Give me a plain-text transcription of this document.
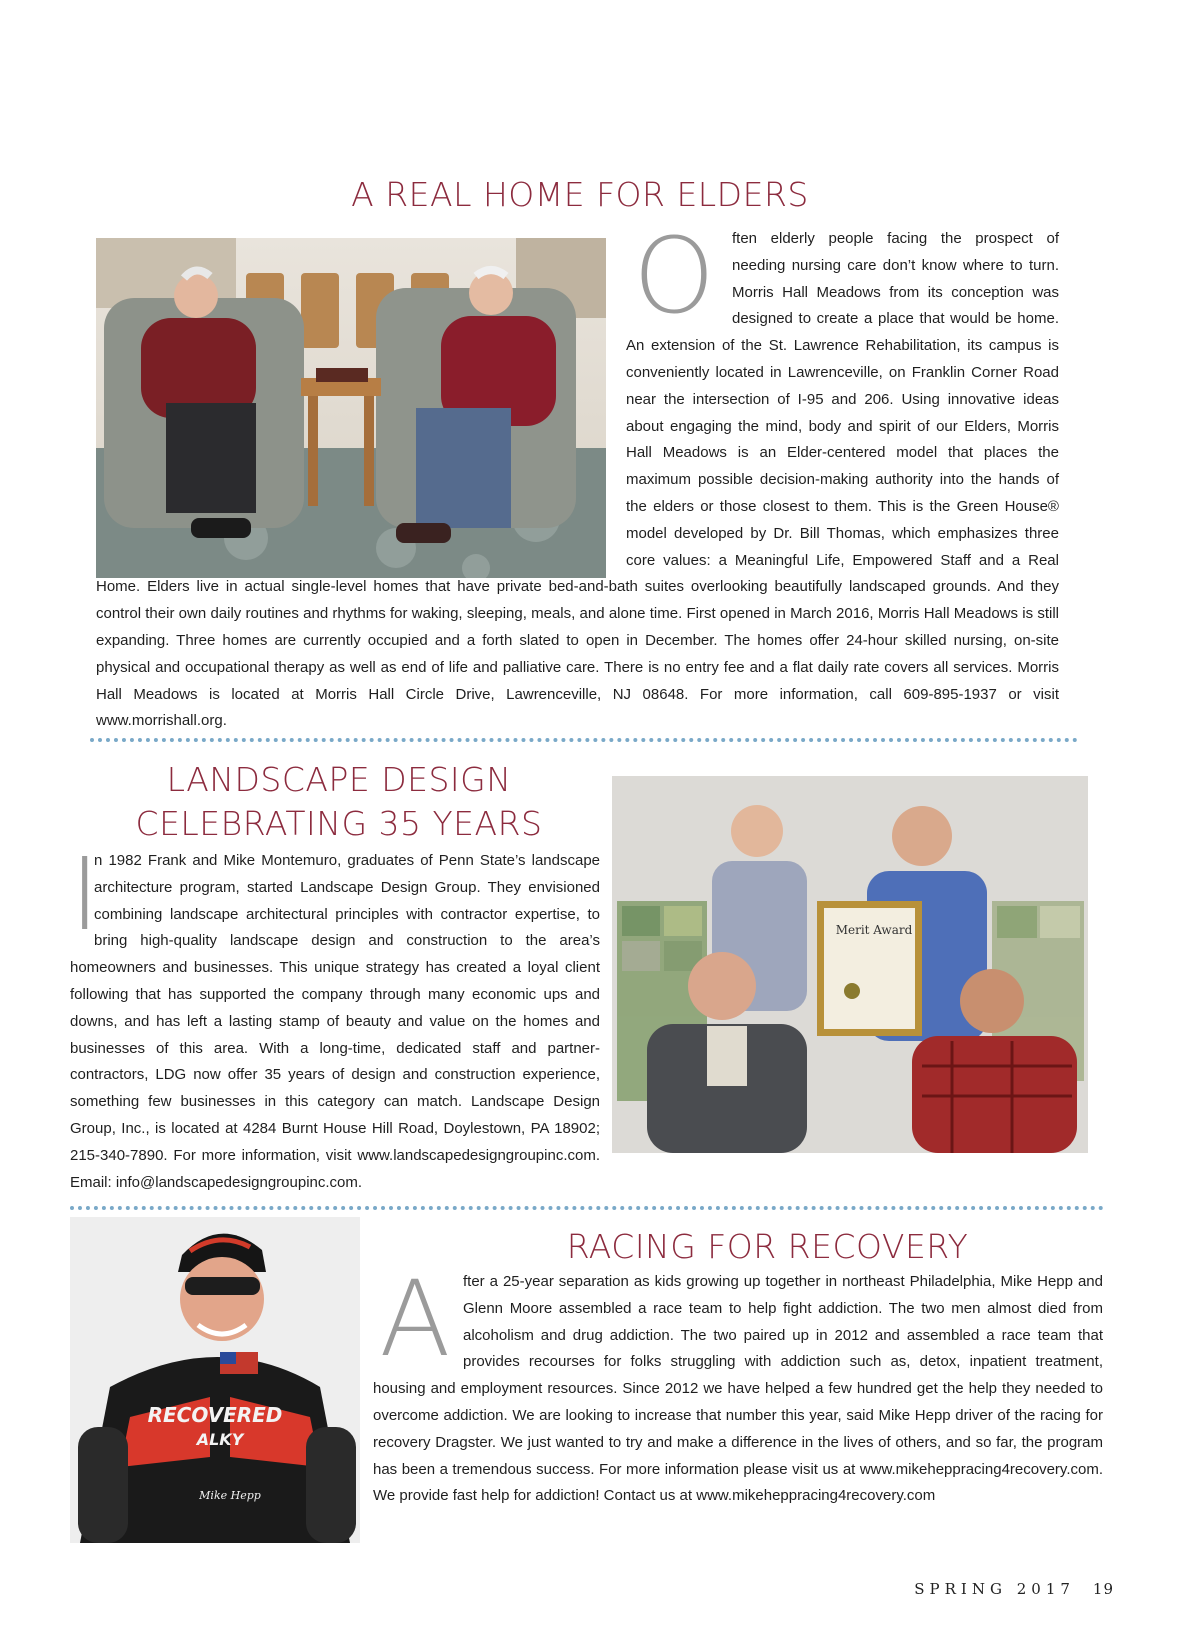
A REAL HOME FOR ELDERS
O	ften elderly people facing the prospect of needing nursing care don’t know where to turn. Morris Hall Meadows from its conception was designed to create a place that would be home. An extension of the St. Lawrence Rehabilitation, its campus is conveniently located in Lawrenceville, on Franklin Corner Road near the intersection of I-95 and 206. Using innovative ideas about engaging the mind, body and spirit of our Elders, Morris Hall Meadows is an Elder-centered model that places the maximum possible decision-making authority into the hands of the elders or those closest to them. This is the Green House® model developed by Dr. Bill Thomas, which emphasizes three core values: a Meaningful Life, Empowered Staff and a Real Home. Elders live in actual single-level homes that have private bed-and-bath suites overlooking beautifully landscaped grounds. And they control their own daily routines and rhythms for waking, sleeping, meals, and alone time. First opened in March 2016, Morris Hall Meadows is still expanding. Three homes are currently occupied and a forth slated to open in December. The homes offer 24-hour skilled nursing, on-site physical and occupational therapy as well as end of life and palliative care. There is no entry fee and a flat daily rate covers all services. Morris Hall Meadows is located at Morris Hall Circle Drive, Lawrenceville, NJ 08648. For more information, call 609-895-1937 or visit www.morrishall.org.

LANDSCAPE DESIGN
CELEBRATING 35 YEARS
I

n 1982 Frank and Mike Montemuro, graduates of Penn State’s landscape architecture program, started Landscape Design Group. They envisioned combining landscape architectural principles with contractor expertise, to bring high-quality landscape design and construction to the area’s homeowners and businesses. This unique strategy has created a loyal client following that has supported the company through many economic ups and downs, and has left a lasting stamp of beauty and value on the homes and businesses of this area. With a long-time, dedicated staff and partner-contractors, LDG now offer 35 years of design and construction experience, something few businesses in this category can match. Landscape Design Group, Inc., is located at 4284 Burnt House Hill Road, Doylestown, PA 18902; 215-340-7890. For more information, visit www.landscapedesigngroupinc.com. Email: info@landscapedesigngroupinc.com.

Merit Award
RECOVERED
ALKY
Mike Hepp
RACING FOR RECOVERY
A fter a 25-year separation as kids growing up together in northeast Philadelphia, Mike Hepp and Glenn Moore assembled a race team to help fight addiction. The two men almost died from alcoholism and drug addiction. The two paired up in 2012 and assembled a race team that provides recourses for folks struggling with addiction such as, detox, inpatient treatment, housing and employment resources. Since 2012 we have helped a few hundred get the help they needed to overcome addiction. We are looking to increase that number this year, said Mike Hepp driver of the racing for recovery Dragster. We just wanted to try and make a difference in the lives of others, and so far, the program has been a tremendous success. For more information please visit us at www.mikeheppracing4recovery.com. We provide fast help for addiction! Contact us at www.mikeheppracing4recovery.com

SPRING 2017 19
